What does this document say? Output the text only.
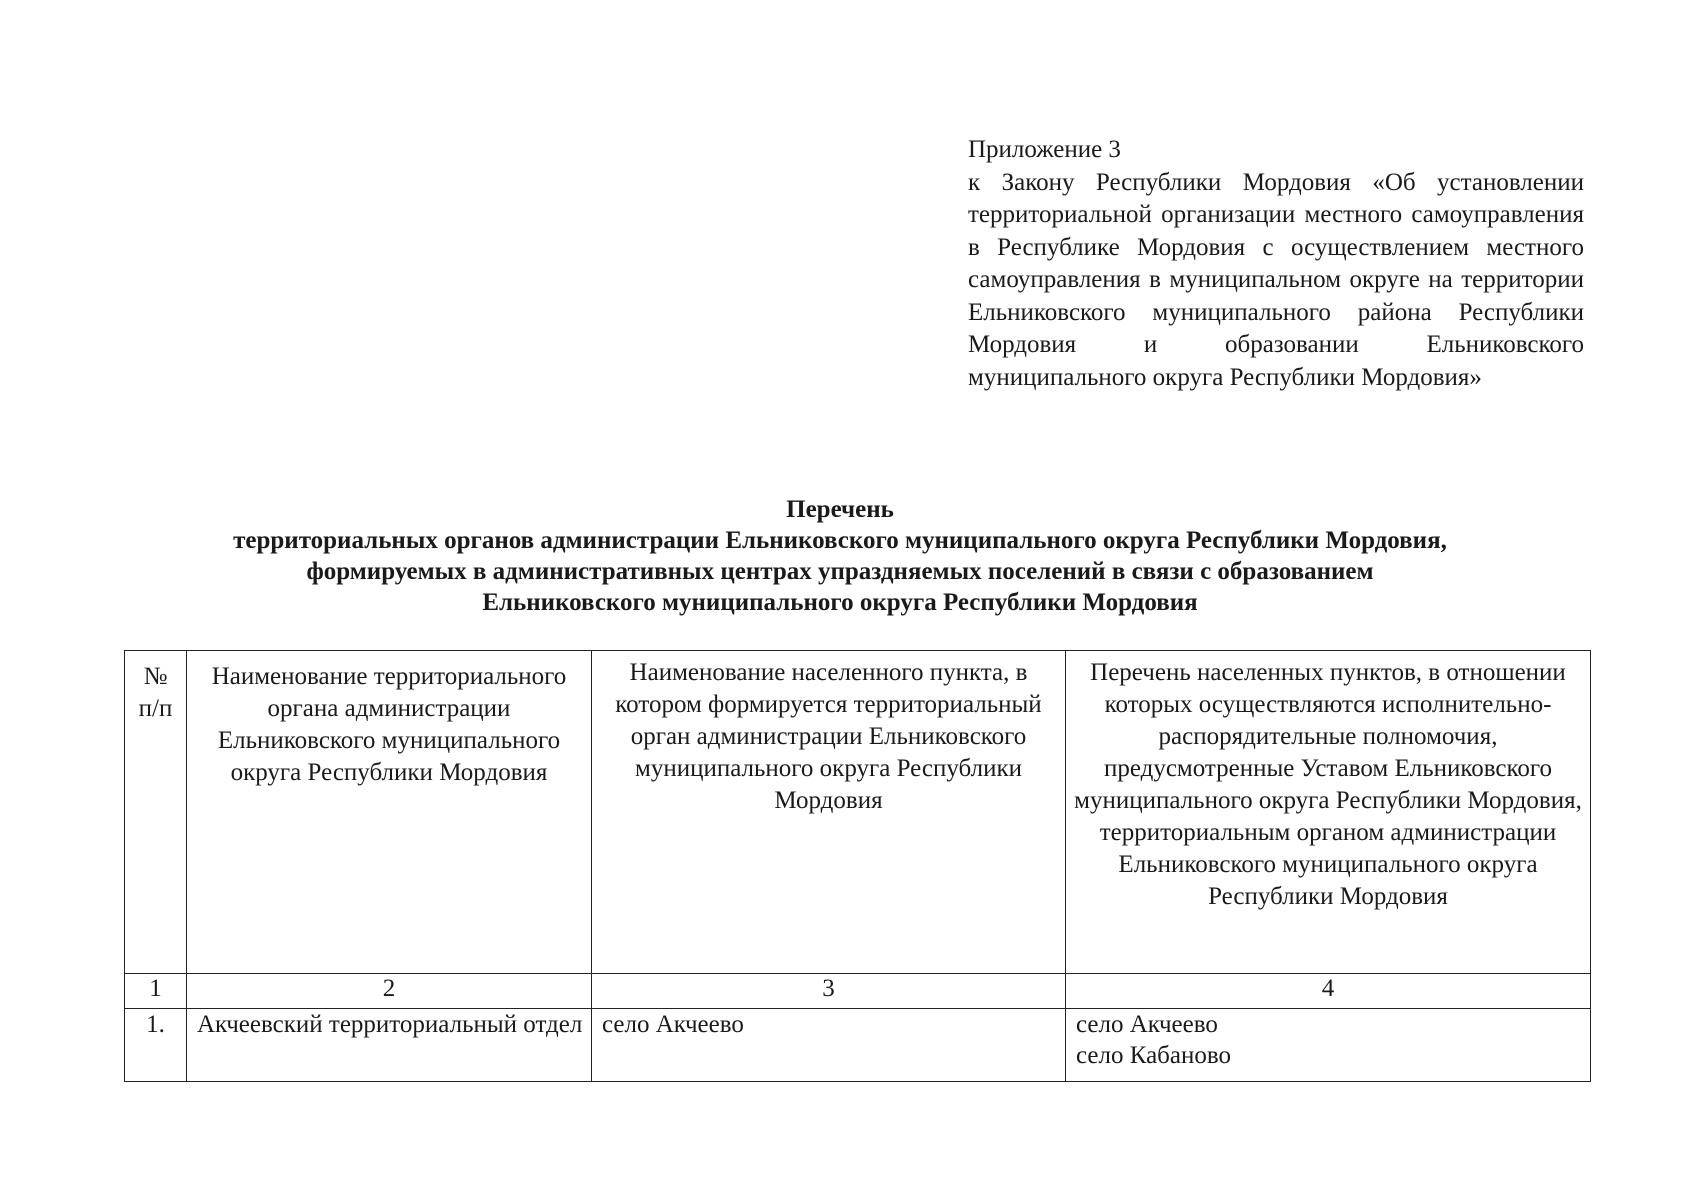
Приложение 3
к Закону Республики Мордовия «Об установлении территориальной организации местного самоуправления в Республике Мордовия с осуществлением местного самоуправления в муниципальном округе на территории Ельниковского муниципального района Республики Мордовия и образовании Ельниковского муниципального округа Республики Мордовия»
Перечень
территориальных органов администрации Ельниковского муниципального округа Республики Мордовия,
формируемых в административных центрах упраздняемых поселений в связи с образованием
Ельниковского муниципального округа Республики Мордовия
№ п/п	Наименование территориального органа администрации Ельниковского муниципального округа Республики Мордовия	Наименование населенного пункта, в котором формируется территориальный орган администрации Ельниковского муниципального округа Республики Мордовия	Перечень населенных пунктов, в отношении которых осуществляются исполнительно-распорядительные полномочия, предусмотренные Уставом Ельниковского муниципального округа Республики Мордовия, территориальным органом администрации Ельниковского муниципального округа Республики Мордовия

1	2	3	4
1.	Акчеевский территориальный отдел	село Акчеево	село Акчеево
село Кабаново
